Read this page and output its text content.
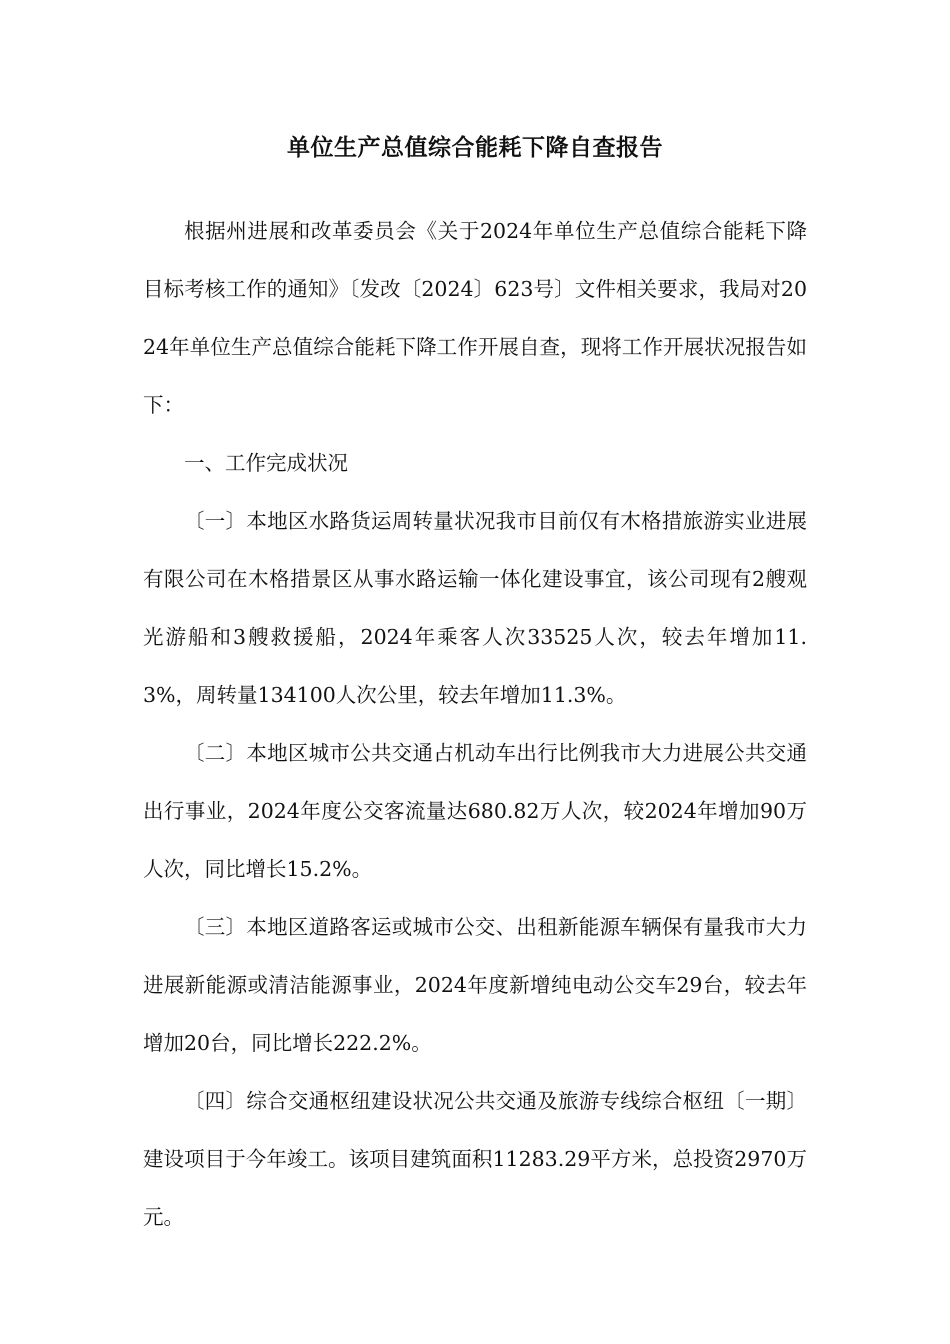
单位生产总值综合能耗下降自查报告

根据州进展和改革委员会《关于2024年单位生产总值综合能耗下降目标考核工作的通知》〔发改〔2024〕623号〕文件相关要求，我局对2024年单位生产总值综合能耗下降工作开展自查，现将工作开展状况报告如下：

一、工作完成状况

〔一〕本地区水路货运周转量状况我市目前仅有木格措旅游实业进展有限公司在木格措景区从事水路运输一体化建设事宜，该公司现有2艘观光游船和3艘救援船，2024年乘客人次33525人次，较去年增加11.3%，周转量134100人次公里，较去年增加11.3%。

〔二〕本地区城市公共交通占机动车出行比例我市大力进展公共交通出行事业，2024年度公交客流量达680.82万人次，较2024年增加90万人次，同比增长15.2%。

〔三〕本地区道路客运或城市公交、出租新能源车辆保有量我市大力进展新能源或清洁能源事业，2024年度新增纯电动公交车29台，较去年增加20台，同比增长222.2%。

〔四〕综合交通枢纽建设状况公共交通及旅游专线综合枢纽〔一期〕建设项目于今年竣工。该项目建筑面积11283.29平方米，总投资2970万元。
